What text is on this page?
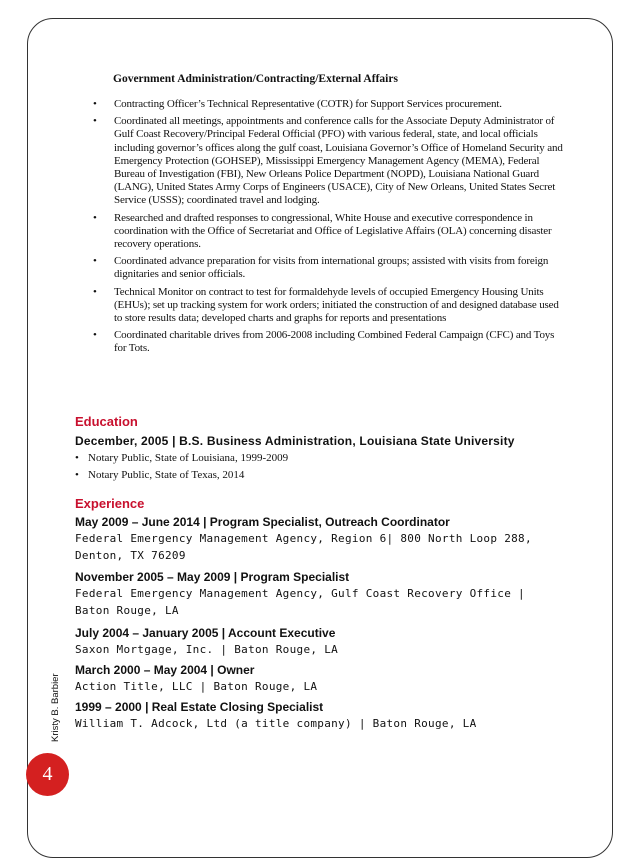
Government Administration/Contracting/External Affairs
• Contracting Officer’s Technical Representative (COTR) for Support Services procurement.
• Coordinated all meetings, appointments and conference calls for the Associate Deputy Administrator of Gulf Coast Recovery/Principal Federal Official (PFO) with various federal, state, and local officials including governor’s offices along the gulf coast, Louisiana Governor’s Office of Homeland Security and Emergency Protection (GOHSEP), Mississippi Emergency Management Agency (MEMA), Federal Bureau of Investigation (FBI), New Orleans Police Department (NOPD), Louisiana National Guard (LANG), United States Army Corps of Engineers (USACE), City of New Orleans, United States Secret Service (USSS); coordinated travel and lodging.
• Researched and drafted responses to congressional, White House and executive correspondence in coordination with the Office of Secretariat and Office of Legislative Affairs (OLA) concerning disaster recovery operations.
• Coordinated advance preparation for visits from international groups; assisted with visits from foreign dignitaries and senior officials.
• Technical Monitor on contract to test for formaldehyde levels of occupied Emergency Housing Units (EHUs); set up tracking system for work orders; initiated the construction of and designed database used to store results data; developed charts and graphs for reports and presentations
• Coordinated charitable drives from 2006-2008 including Combined Federal Campaign (CFC) and Toys for Tots.
Education
December, 2005 | B.S. Business Administration, Louisiana State University
• Notary Public, State of Louisiana, 1999-2009
• Notary Public, State of Texas, 2014
Experience
May 2009 – June 2014 | Program Specialist, Outreach Coordinator
Federal Emergency Management Agency, Region 6| 800 North Loop 288, Denton, TX 76209
November 2005 – May 2009 | Program Specialist
Federal Emergency Management Agency, Gulf Coast Recovery Office | Baton Rouge, LA
July 2004 – January 2005 | Account Executive
Saxon Mortgage, Inc. | Baton Rouge, LA
March 2000 – May 2004 | Owner
Action Title, LLC | Baton Rouge, LA
1999 – 2000 | Real Estate Closing Specialist
William T. Adcock, Ltd (a title company) | Baton Rouge, LA
Kristy B. Barbier
4
